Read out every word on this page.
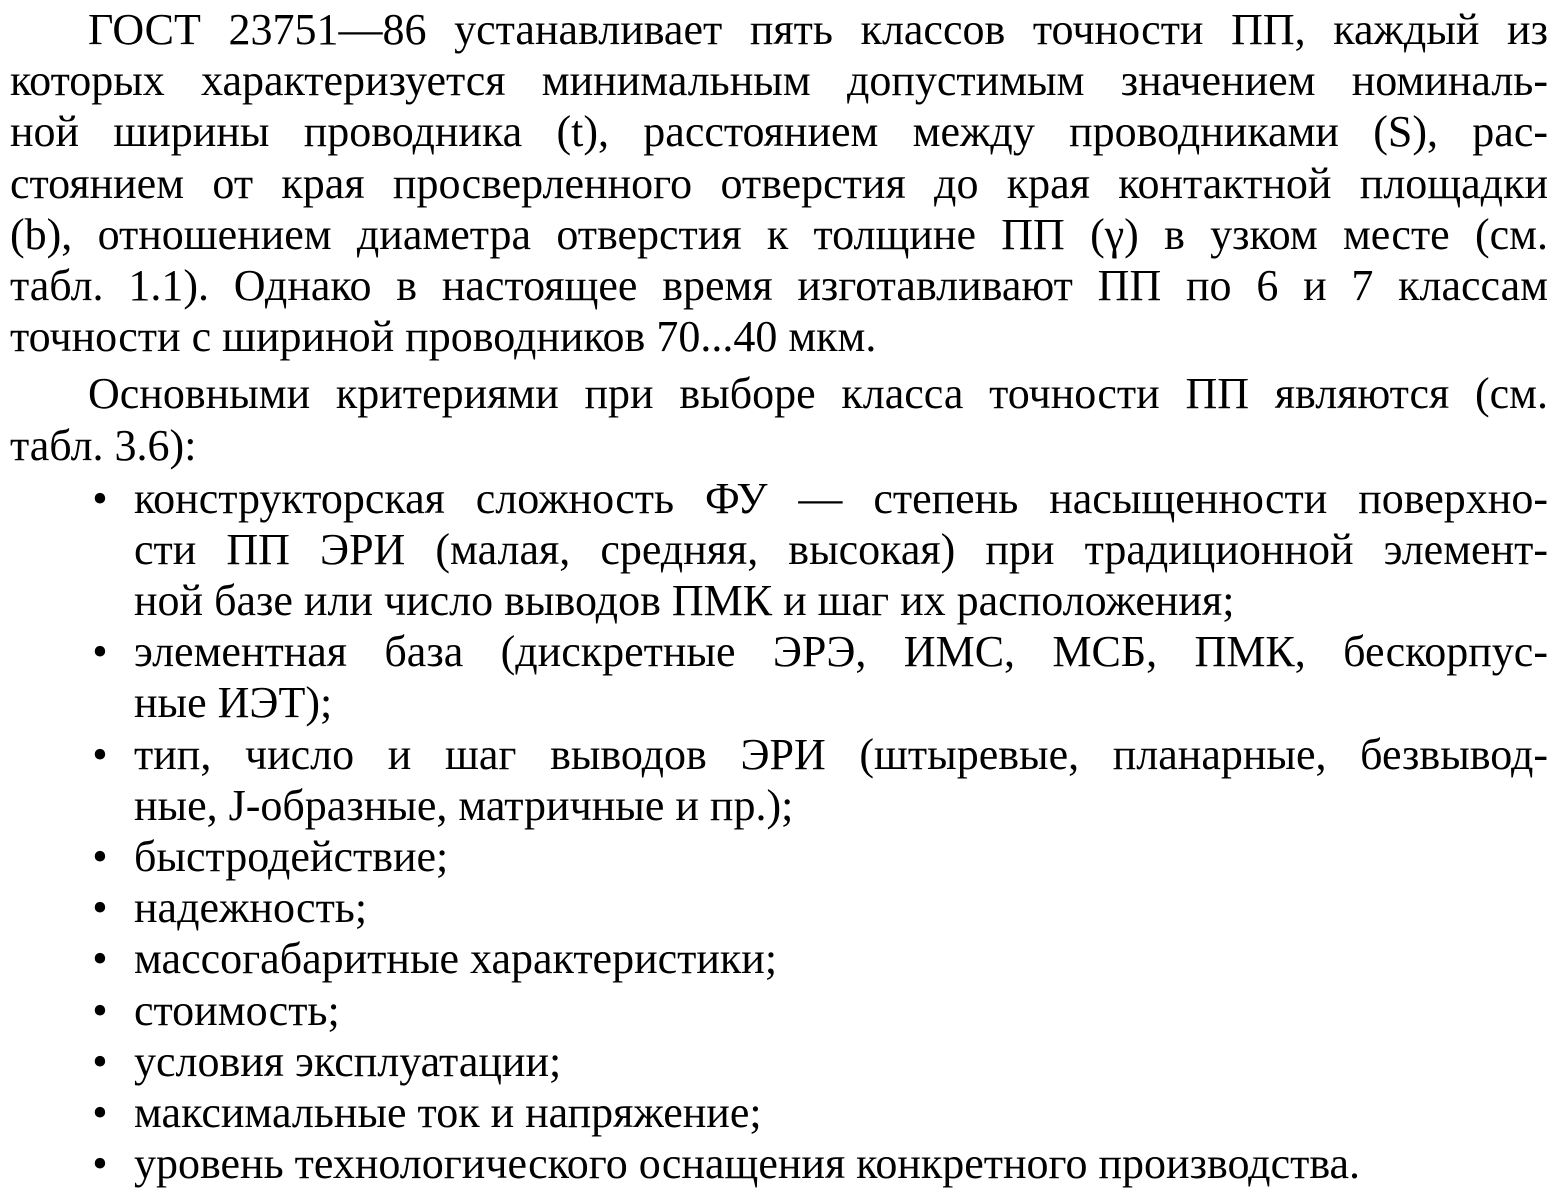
ГОСТ 23751—86 устанавливает пять классов точности ПП, каждый из
которых характеризуется минимальным допустимым значением номиналь-
ной ширины проводника (t), расстоянием между проводниками (S), рас-
стоянием от края просверленного отверстия до края контактной площадки
(b), отношением диаметра отверстия к толщине ПП (γ) в узком месте (см.
табл. 1.1). Однако в настоящее время изготавливают ПП по 6 и 7 классам
точности с шириной проводников 70...40 мкм.
Основными критериями при выборе класса точности ПП являются (см.
табл. 3.6):
• конструкторская сложность ФУ — степень насыщенности поверхно-
сти ПП ЭРИ (малая, средняя, высокая) при традиционной элемент-
ной базе или число выводов ПМК и шаг их расположения;
• элементная база (дискретные ЭРЭ, ИМС, МСБ, ПМК, бескорпус-
ные ИЭТ);
• тип, число и шаг выводов ЭРИ (штыревые, планарные, безвывод-
ные, J-образные, матричные и пр.);
• быстродействие;
• надежность;
• массогабаритные характеристики;
• стоимость;
• условия эксплуатации;
• максимальные ток и напряжение;
• уровень технологического оснащения конкретного производства.
